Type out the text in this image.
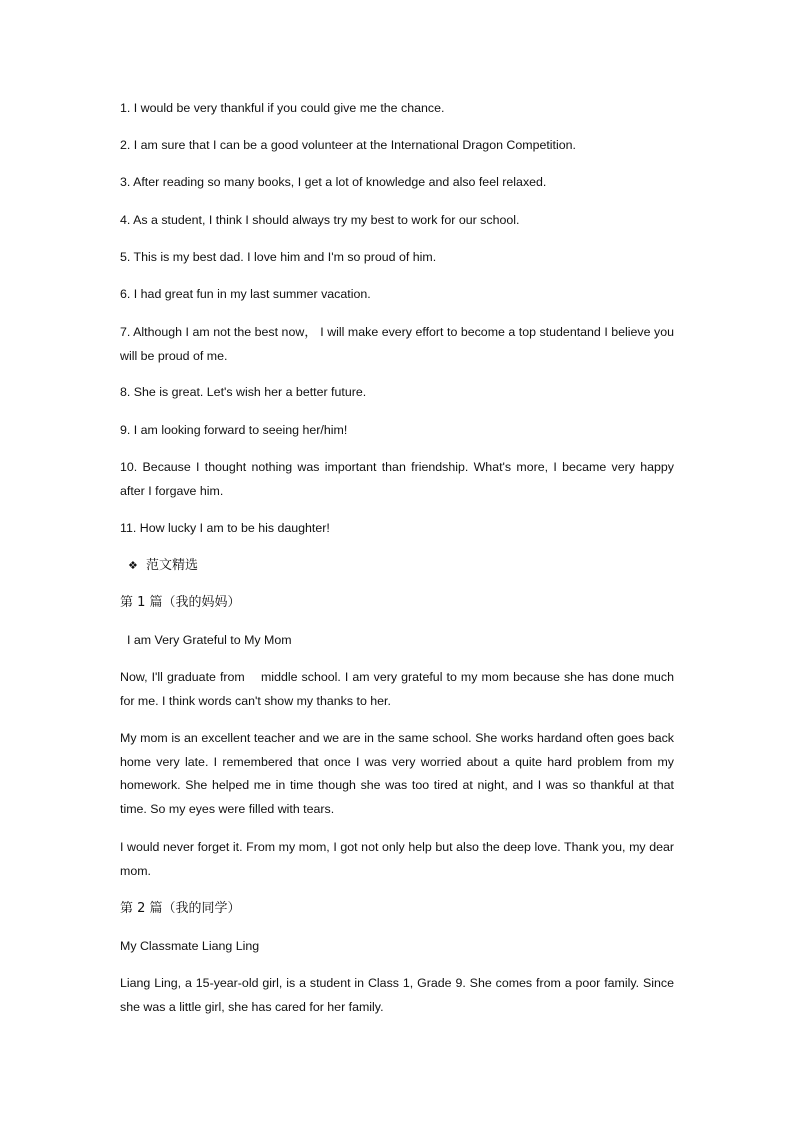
1. I would be very thankful if you could give me the chance.

2. I am sure that I can be a good volunteer at the International Dragon Competition.

3. After reading so many books, I get a lot of knowledge and also feel relaxed.

4. As a student, I think I should always try my best to work for our school.

5. This is my best dad. I love him and I'm so proud of him.

6. I had great fun in my last summer vacation.

7. Although I am not the best now， I will make every effort to become a top studentand I believe you will be proud of me.

8. She is great. Let's wish her a better future.

9. I am looking forward to seeing her/him!

10. Because I thought nothing was important than friendship. What's more, I became very happy after I forgave him.

11. How lucky I am to be his daughter!

❖ 范文精选

第 1 篇（我的妈妈）

I am Very Grateful to My Mom

Now, I'll graduate from    middle school. I am very grateful to my mom because she has done much for me. I think words can't show my thanks to her.

My mom is an excellent teacher and we are in the same school. She works hardand often goes back home very late. I remembered that once I was very worried about a quite hard problem from my homework. She helped me in time though she was too tired at night, and I was so thankful at that time. So my eyes were filled with tears.

I would never forget it. From my mom, I got not only help but also the deep love. Thank you, my dear mom.

第 2 篇（我的同学）

My Classmate Liang Ling

Liang Ling, a 15-year-old girl, is a student in Class 1, Grade 9. She comes from a poor family. Since she was a little girl, she has cared for her family.
